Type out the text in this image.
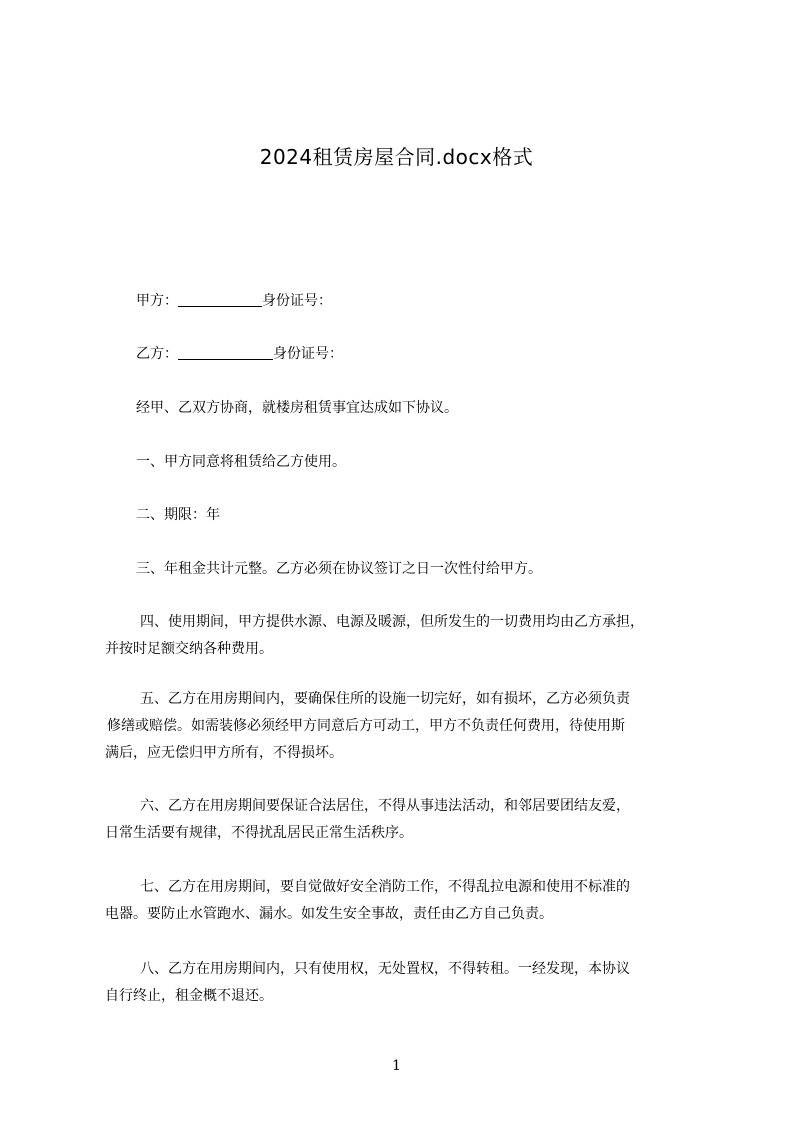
2024租赁房屋合同.docx格式
甲方：	身份证号：
乙方：	身份证号：
经甲、乙双方协商，就楼房租赁事宜达成如下协议。
一、甲方同意将租赁给乙方使用。
二、期限：年
三、年租金共计元整。乙方必须在协议签订之日一次性付给甲方。
四、使用期间，甲方提供水源、电源及暖源，但所发生的一切费用均由乙方承担，
并按时足额交纳各种费用。
五、乙方在用房期间内，要确保住所的设施一切完好，如有损坏，乙方必须负责
修缮或赔偿。如需装修必须经甲方同意后方可动工，甲方不负责任何费用，待使用斯
满后，应无偿归甲方所有，不得损坏。
六、乙方在用房期间要保证合法居住，不得从事违法活动，和邻居要团结友爱，
日常生活要有规律，不得扰乱居民正常生活秩序。
七、乙方在用房期间，要自觉做好安全消防工作，不得乱拉电源和使用不标准的
电器。要防止水管跑水、漏水。如发生安全事故，责任由乙方自己负责。
八、乙方在用房期间内，只有使用权，无处置权，不得转租。一经发现，本协议
自行终止，租金概不退还。
1
